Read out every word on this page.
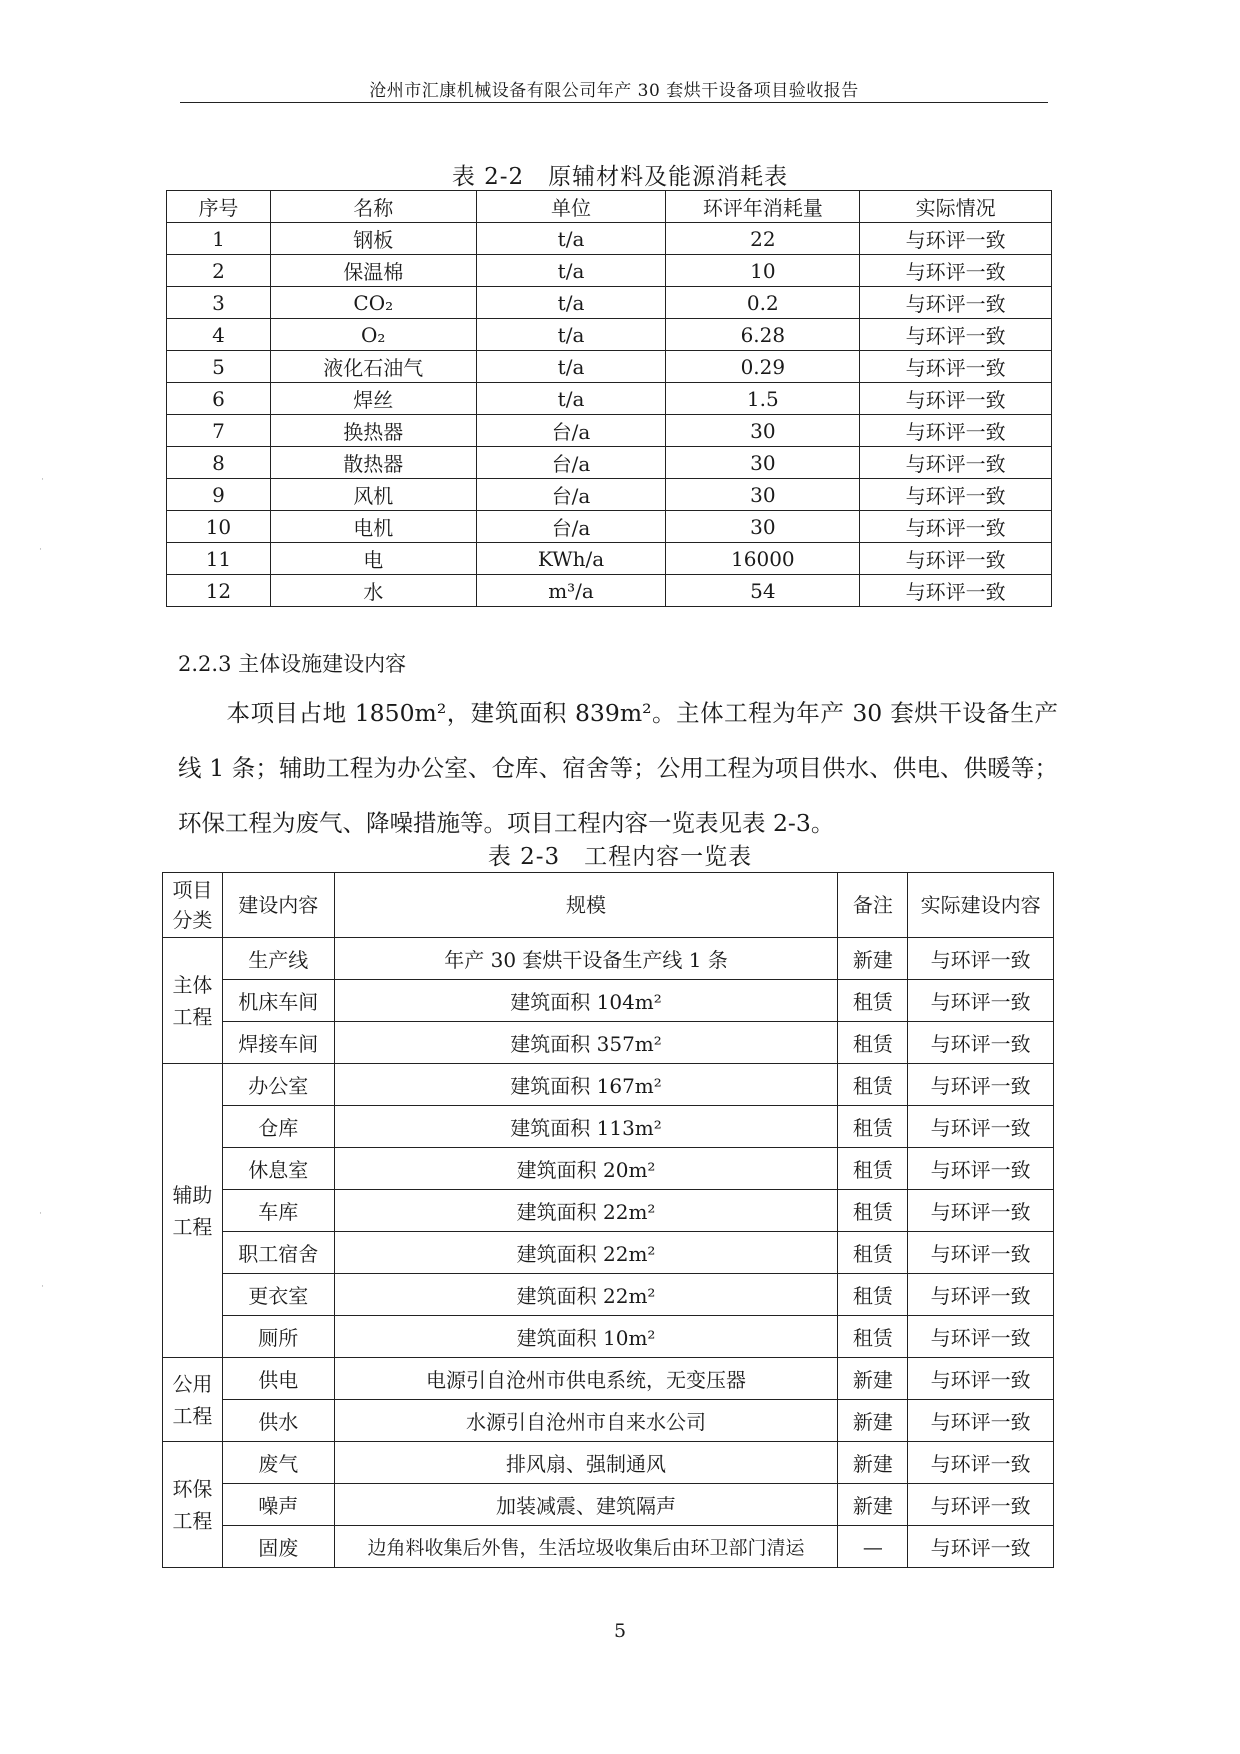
沧州市汇康机械设备有限公司年产 30 套烘干设备项目验收报告
表 2-2　原辅材料及能源消耗表
序号	名称	单位	环评年消耗量	实际情况
1	钢板	t/a	22	与环评一致
2	保温棉	t/a	10	与环评一致
3	CO₂	t/a	0.2	与环评一致
4	O₂	t/a	6.28	与环评一致
5	液化石油气	t/a	0.29	与环评一致
6	焊丝	t/a	1.5	与环评一致
7	换热器	台/a	30	与环评一致
8	散热器	台/a	30	与环评一致
9	风机	台/a	30	与环评一致
10	电机	台/a	30	与环评一致
11	电	KWh/a	16000	与环评一致
12	水	m³/a	54	与环评一致
2.2.3 主体设施建设内容
本项目占地 1850m²，建筑面积 839m²。主体工程为年产 30 套烘干设备生产线 1 条；辅助工程为办公室、仓库、宿舍等；公用工程为项目供水、供电、供暖等；环保工程为废气、降噪措施等。项目工程内容一览表见表 2-3。
表 2-3　工程内容一览表
项目
分类	建设内容	规模	备注	实际建设内容
主体
工程	生产线	年产 30 套烘干设备生产线 1 条	新建	与环评一致
	机床车间	建筑面积 104m²	租赁	与环评一致
	焊接车间	建筑面积 357m²	租赁	与环评一致
辅助
工程	办公室	建筑面积 167m²	租赁	与环评一致
	仓库	建筑面积 113m²	租赁	与环评一致
	休息室	建筑面积 20m²	租赁	与环评一致
	车库	建筑面积 22m²	租赁	与环评一致
	职工宿舍	建筑面积 22m²	租赁	与环评一致
	更衣室	建筑面积 22m²	租赁	与环评一致
	厕所	建筑面积 10m²	租赁	与环评一致
公用
工程	供电	电源引自沧州市供电系统，无变压器	新建	与环评一致
	供水	水源引自沧州市自来水公司	新建	与环评一致
环保
工程	废气	排风扇、强制通风	新建	与环评一致
	噪声	加装减震、建筑隔声	新建	与环评一致
	固废	边角料收集后外售，生活垃圾收集后由环卫部门清运	—	与环评一致
5
˙
˙
˙
˙
